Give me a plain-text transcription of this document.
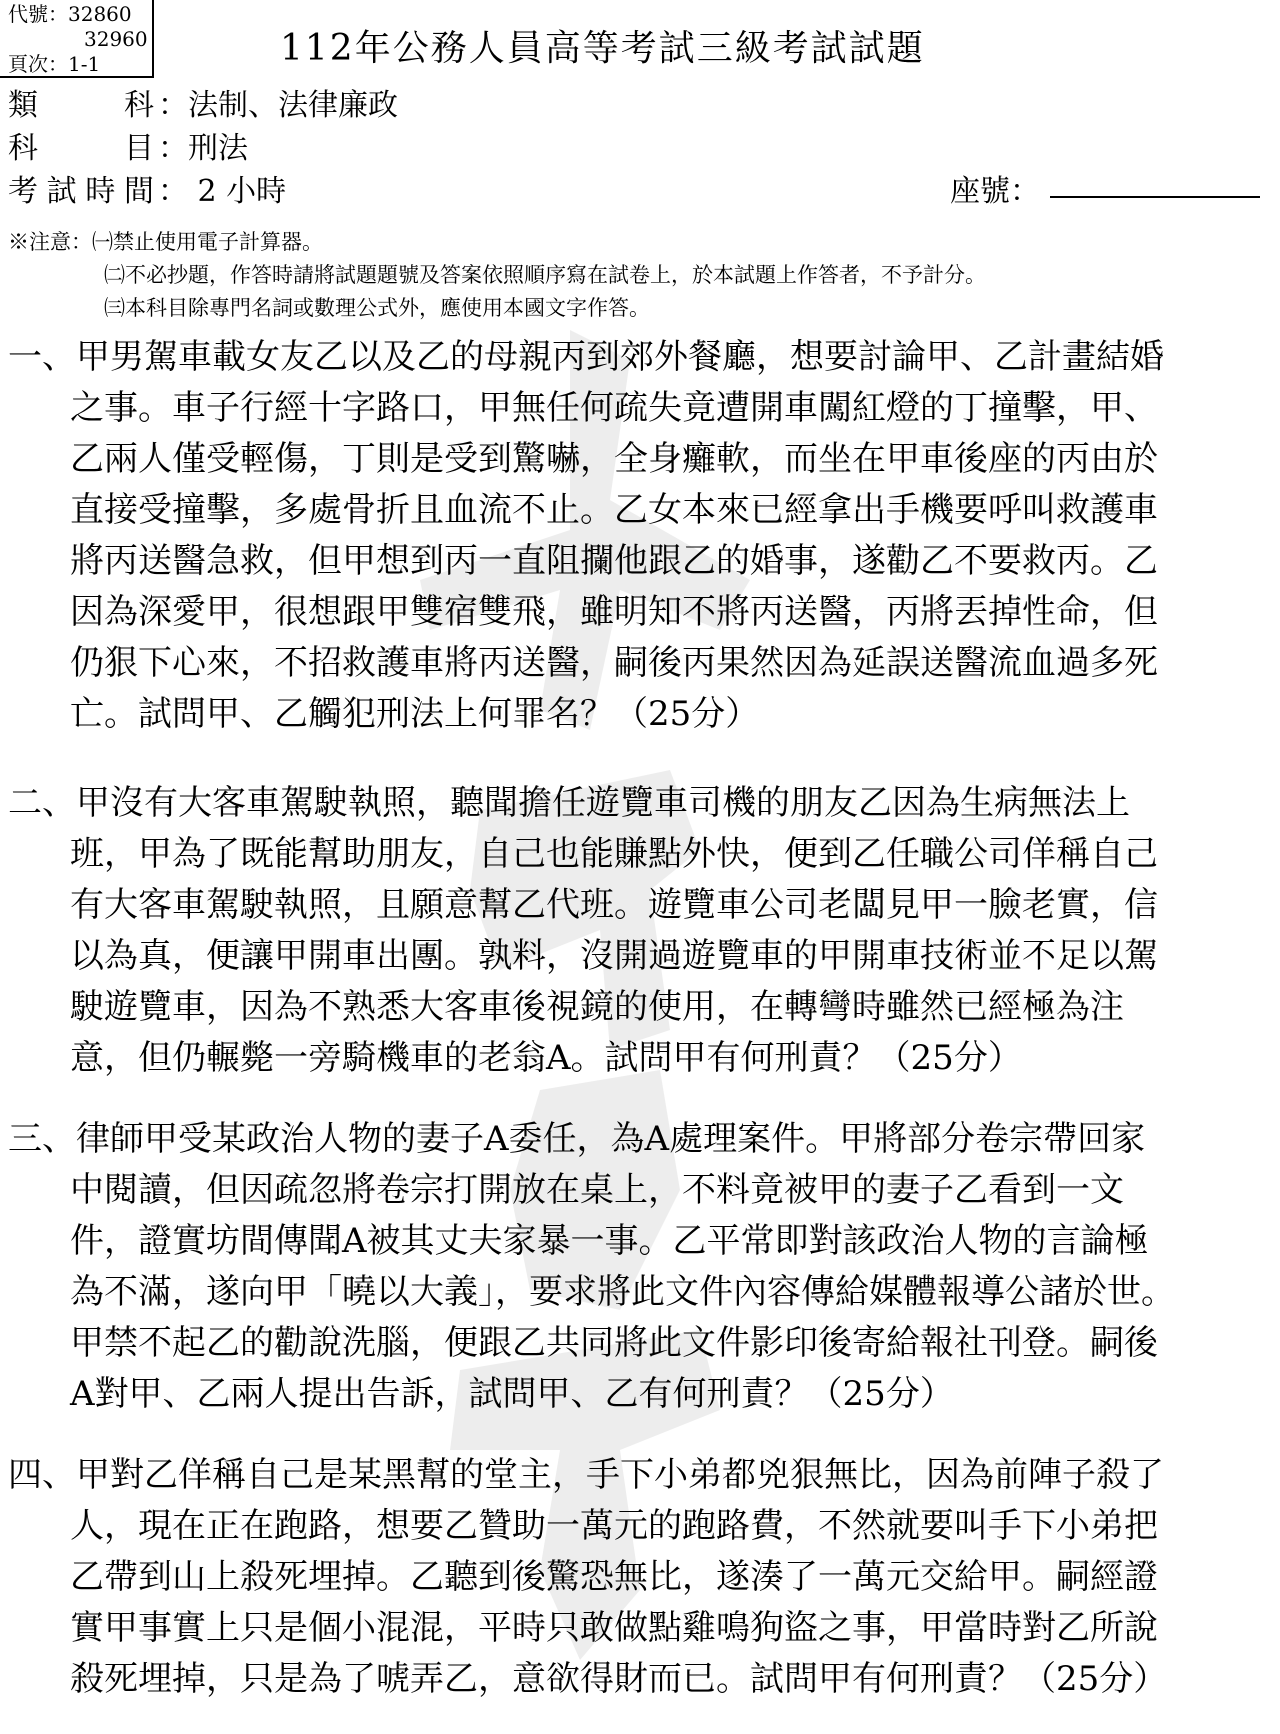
代號：32860
32960
頁次：1-1	112年公務人員高等考試三級考試試題
類　科：法制、法律廉政
科　目：刑法
考試時間： 2 小時	座號：
※注意：㈠禁止使用電子計算器。
㈡不必抄題，作答時請將試題題號及答案依照順序寫在試卷上，於本試題上作答者，不予計分。
㈢本科目除專門名詞或數理公式外，應使用本國文字作答。
一、甲男駕車載女友乙以及乙的母親丙到郊外餐廳，想要討論甲、乙計畫結婚
之事。車子行經十字路口，甲無任何疏失竟遭開車闖紅燈的丁撞擊，甲、
乙兩人僅受輕傷，丁則是受到驚嚇，全身癱軟，而坐在甲車後座的丙由於
直接受撞擊，多處骨折且血流不止。乙女本來已經拿出手機要呼叫救護車
將丙送醫急救，但甲想到丙一直阻攔他跟乙的婚事，遂勸乙不要救丙。乙
因為深愛甲，很想跟甲雙宿雙飛，雖明知不將丙送醫，丙將丟掉性命，但
仍狠下心來，不招救護車將丙送醫，嗣後丙果然因為延誤送醫流血過多死
亡。試問甲、乙觸犯刑法上何罪名？（25分）
二、甲沒有大客車駕駛執照，聽聞擔任遊覽車司機的朋友乙因為生病無法上
班，甲為了既能幫助朋友，自己也能賺點外快，便到乙任職公司佯稱自己
有大客車駕駛執照，且願意幫乙代班。遊覽車公司老闆見甲一臉老實，信
以為真，便讓甲開車出團。孰料，沒開過遊覽車的甲開車技術並不足以駕
駛遊覽車，因為不熟悉大客車後視鏡的使用，在轉彎時雖然已經極為注
意，但仍輾斃一旁騎機車的老翁A。試問甲有何刑責？（25分）
三、律師甲受某政治人物的妻子A委任，為A處理案件。甲將部分卷宗帶回家
中閱讀，但因疏忽將卷宗打開放在桌上，不料竟被甲的妻子乙看到一文
件，證實坊間傳聞A被其丈夫家暴一事。乙平常即對該政治人物的言論極
為不滿，遂向甲「曉以大義」，要求將此文件內容傳給媒體報導公諸於世。
甲禁不起乙的勸說洗腦，便跟乙共同將此文件影印後寄給報社刊登。嗣後
A對甲、乙兩人提出告訴，試問甲、乙有何刑責？（25分）
四、甲對乙佯稱自己是某黑幫的堂主，手下小弟都兇狠無比，因為前陣子殺了
人，現在正在跑路，想要乙贊助一萬元的跑路費，不然就要叫手下小弟把
乙帶到山上殺死埋掉。乙聽到後驚恐無比，遂湊了一萬元交給甲。嗣經證
實甲事實上只是個小混混，平時只敢做點雞鳴狗盜之事，甲當時對乙所說
殺死埋掉，只是為了唬弄乙，意欲得財而已。試問甲有何刑責？（25分）
